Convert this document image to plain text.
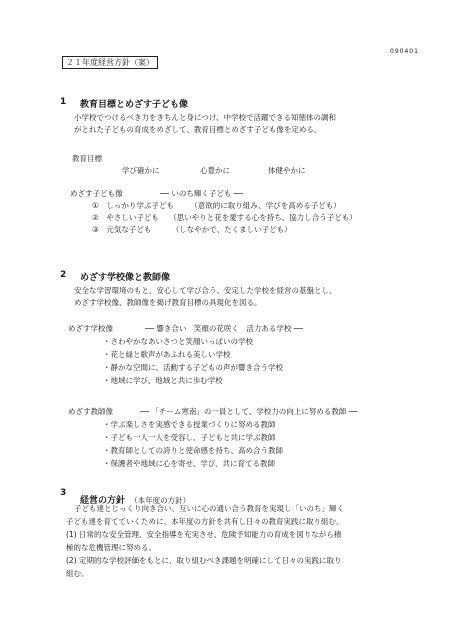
090401
２１年度経営方針（案）
1 教育目標とめざす子ども像
小学校でつけるべき力をきちんと身につけ、中学校で活躍できる知徳体の調和
がとれた子どもの育成をめざして、教育目標とめざす子ども像を定める。
教育目標
学び確かに	心豊かに	体健やかに
めざす子ども像	── いのち輝く子ども ──
① しっかり学ぶ子ども （意欲的に取り組み、学びを高める子ども）
② やさしい子ども （思いやりと花を愛する心を持ち、協力し合う子ども）
③ 元気な子ども	（しなやかで、たくましい子ども）
2 めざす学校像と教師像
安全な学習環境のもと、安心して学び合う、安定した学校を経営の基盤とし、
めざす学校像、教師像を掲げ教育目標の具現化を図る。
めざす学校像	── 響き合い　笑顔の花咲く　活力ある学校 ──
・さわやかなあいさつと笑顔いっぱいの学校
・花と緑と歌声があふれる美しい学校
・静かな空間に、活動する子どもの声が響き合う学校
・地域に学び、地域と共に歩む学校
めざす教師像	── 「チーム寒南」の一員として、学校力の向上に努める教師 ──
・学ぶ楽しさを実感できる授業づくりに努める教師
・子ども一人一人を受容し、子どもと共に学ぶ教師
・教育師としての誇りと使命感を持ち、高め合う教師
・保護者や地域に心を寄せ、学び、共に育てる教師
3
経営の方針 （本年度の方針）
子ども達とじっくり向き合い、互いに心の通い合う教育を実現し「いのち」輝く
子ども達を育てていくために、本年度の方針を共有し日々の教育実践に取り組む。
(1) 日常的な安全管理、安全指導を充実させ、危険予知能力の育成を図りながら積
極的な危機管理に努める。
(2) 定期的な学校評価をもとに、取り組むべき課題を明確にして日々の実践に取り
組む。
